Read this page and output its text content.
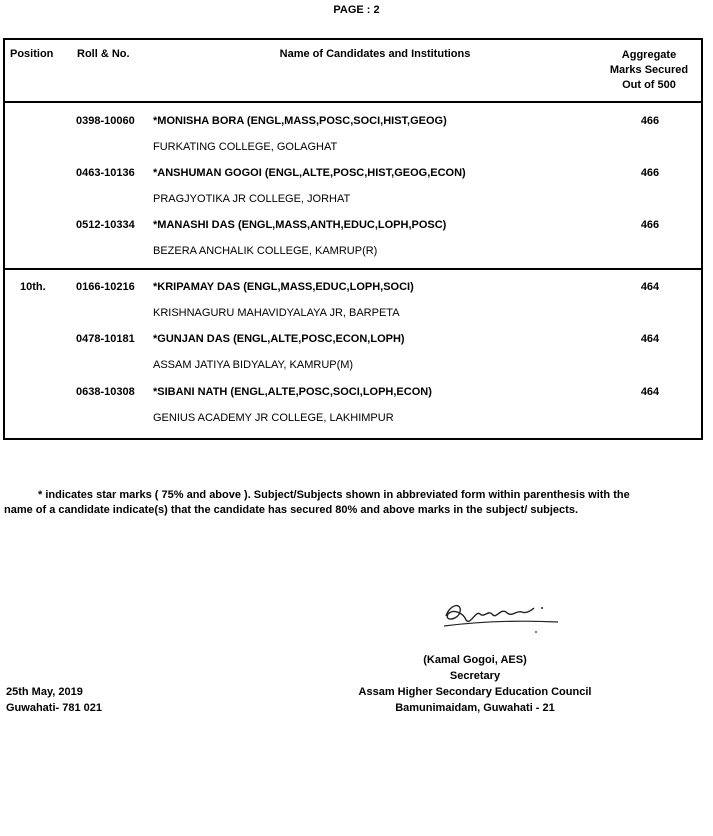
PAGE : 2
Position Roll & No.	Name of Candidates and Institutions	Aggregate
Marks Secured
Out of 500
0398-10060 *MONISHA BORA (ENGL,MASS,POSC,SOCI,HIST,GEOG)	466
FURKATING COLLEGE, GOLAGHAT
0463-10136 *ANSHUMAN GOGOI (ENGL,ALTE,POSC,HIST,GEOG,ECON)	466
PRAGJYOTIKA JR COLLEGE, JORHAT
0512-10334 *MANASHI DAS (ENGL,MASS,ANTH,EDUC,LOPH,POSC)	466
BEZERA ANCHALIK COLLEGE, KAMRUP(R)
10th.	0166-10216 *KRIPAMAY DAS (ENGL,MASS,EDUC,LOPH,SOCI)	464
KRISHNAGURU MAHAVIDYALAYA JR, BARPETA
0478-10181 *GUNJAN DAS (ENGL,ALTE,POSC,ECON,LOPH)	464
ASSAM JATIYA BIDYALAY, KAMRUP(M)
0638-10308 *SIBANI NATH (ENGL,ALTE,POSC,SOCI,LOPH,ECON)	464
GENIUS ACADEMY JR COLLEGE, LAKHIMPUR
* indicates star marks ( 75% and above ). Subject/Subjects shown in abbreviated form within parenthesis with the
name of a candidate indicate(s) that the candidate has secured 80% and above marks in the subject/ subjects.
(Kamal Gogoi, AES)
Secretary
Assam Higher Secondary Education Council
Bamunimaidam, Guwahati - 21
25th May, 2019
Guwahati- 781 021
